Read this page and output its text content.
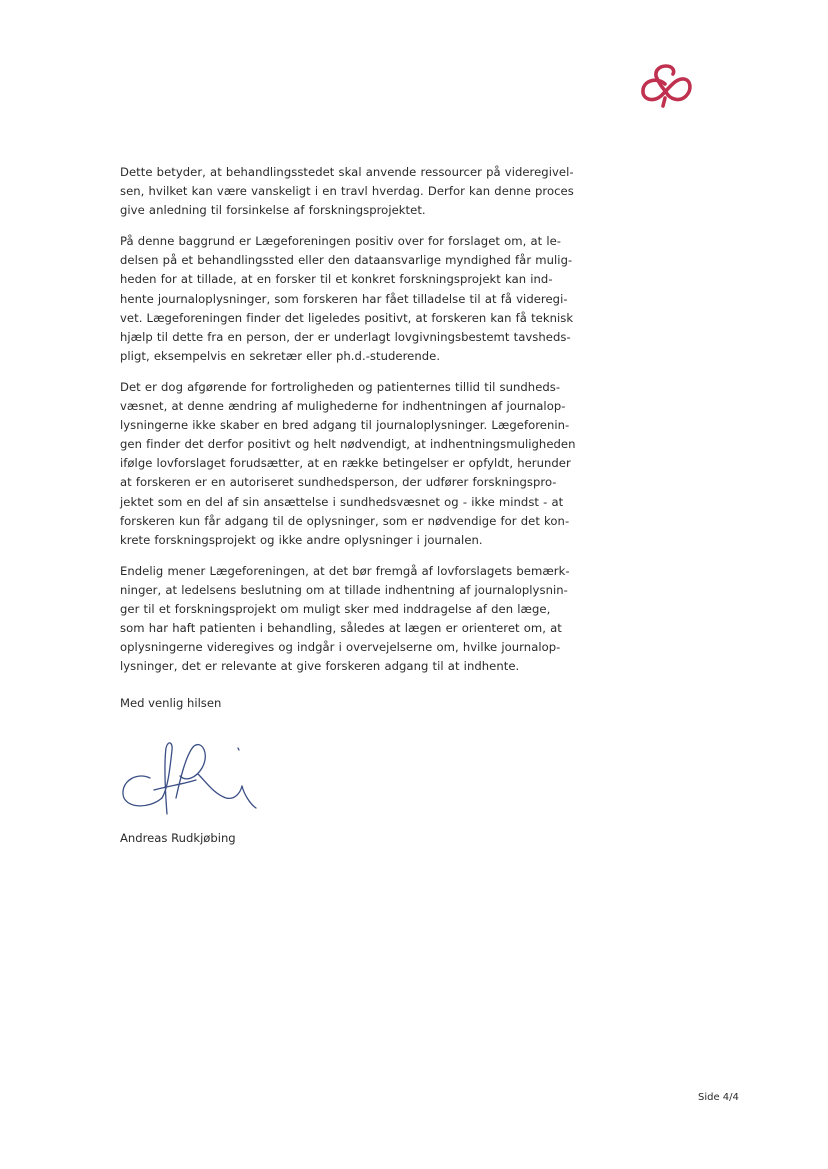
Dette betyder, at behandlingsstedet skal anvende ressourcer på videregivel-
sen, hvilket kan være vanskeligt i en travl hverdag. Derfor kan denne proces
give anledning til forsinkelse af forskningsprojektet.

På denne baggrund er Lægeforeningen positiv over for forslaget om, at le-
delsen på et behandlingssted eller den dataansvarlige myndighed får mulig-
heden for at tillade, at en forsker til et konkret forskningsprojekt kan ind-
hente journaloplysninger, som forskeren har fået tilladelse til at få videregi-
vet. Lægeforeningen finder det ligeledes positivt, at forskeren kan få teknisk
hjælp til dette fra en person, der er underlagt lovgivningsbestemt tavsheds-
pligt, eksempelvis en sekretær eller ph.d.-studerende.

Det er dog afgørende for fortroligheden og patienternes tillid til sundheds-
væsnet, at denne ændring af mulighederne for indhentningen af journalop-
lysningerne ikke skaber en bred adgang til journaloplysninger. Lægeforenin-
gen finder det derfor positivt og helt nødvendigt, at indhentningsmuligheden
ifølge lovforslaget forudsætter, at en række betingelser er opfyldt, herunder
at forskeren er en autoriseret sundhedsperson, der udfører forskningspro-
jektet som en del af sin ansættelse i sundhedsvæsnet og - ikke mindst - at
forskeren kun får adgang til de oplysninger, som er nødvendige for det kon-
krete forskningsprojekt og ikke andre oplysninger i journalen.

Endelig mener Lægeforeningen, at det bør fremgå af lovforslagets bemærk-
ninger, at ledelsens beslutning om at tillade indhentning af journaloplysnin-
ger til et forskningsprojekt om muligt sker med inddragelse af den læge,
som har haft patienten i behandling, således at lægen er orienteret om, at
oplysningerne videregives og indgår i overvejelserne om, hvilke journalop-
lysninger, det er relevante at give forskeren adgang til at indhente.

Med venlig hilsen
Andreas Rudkjøbing
Side 4/4
